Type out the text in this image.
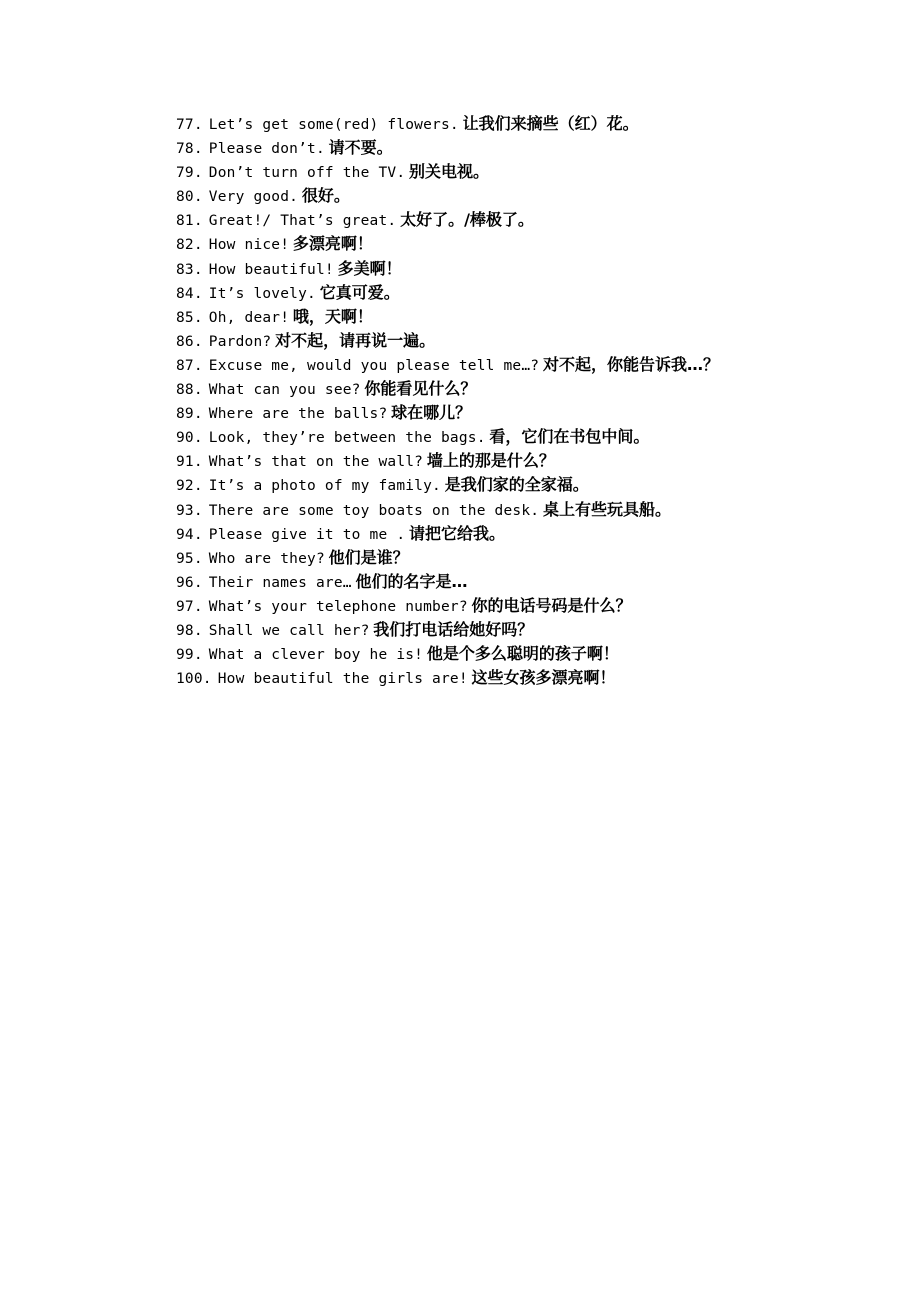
77. Let’s get some(red) flowers. 让我们来摘些（红）花。
78. Please don’t. 请不要。
79. Don’t turn off the TV. 别关电视。
80. Very good. 很好。
81. Great!/ That’s great. 太好了。/棒极了。
82. How nice! 多漂亮啊！
83. How beautiful! 多美啊！
84. It’s lovely. 它真可爱。
85. Oh, dear! 哦，天啊！
86. Pardon? 对不起，请再说一遍。
87. Excuse me, would you please tell me…? 对不起，你能告诉我…？
88. What can you see? 你能看见什么？
89. Where are the balls? 球在哪儿？
90. Look, they’re between the bags. 看，它们在书包中间。
91. What’s that on the wall? 墙上的那是什么？
92. It’s a photo of my family. 是我们家的全家福。
93. There are some toy boats on the desk. 桌上有些玩具船。
94. Please give it to me . 请把它给我。
95. Who are they? 他们是谁？
96. Their names are… 他们的名字是…
97. What’s your telephone number? 你的电话号码是什么？
98. Shall we call her? 我们打电话给她好吗？
99. What a clever boy he is! 他是个多么聪明的孩子啊！
100. How beautiful the girls are! 这些女孩多漂亮啊！
